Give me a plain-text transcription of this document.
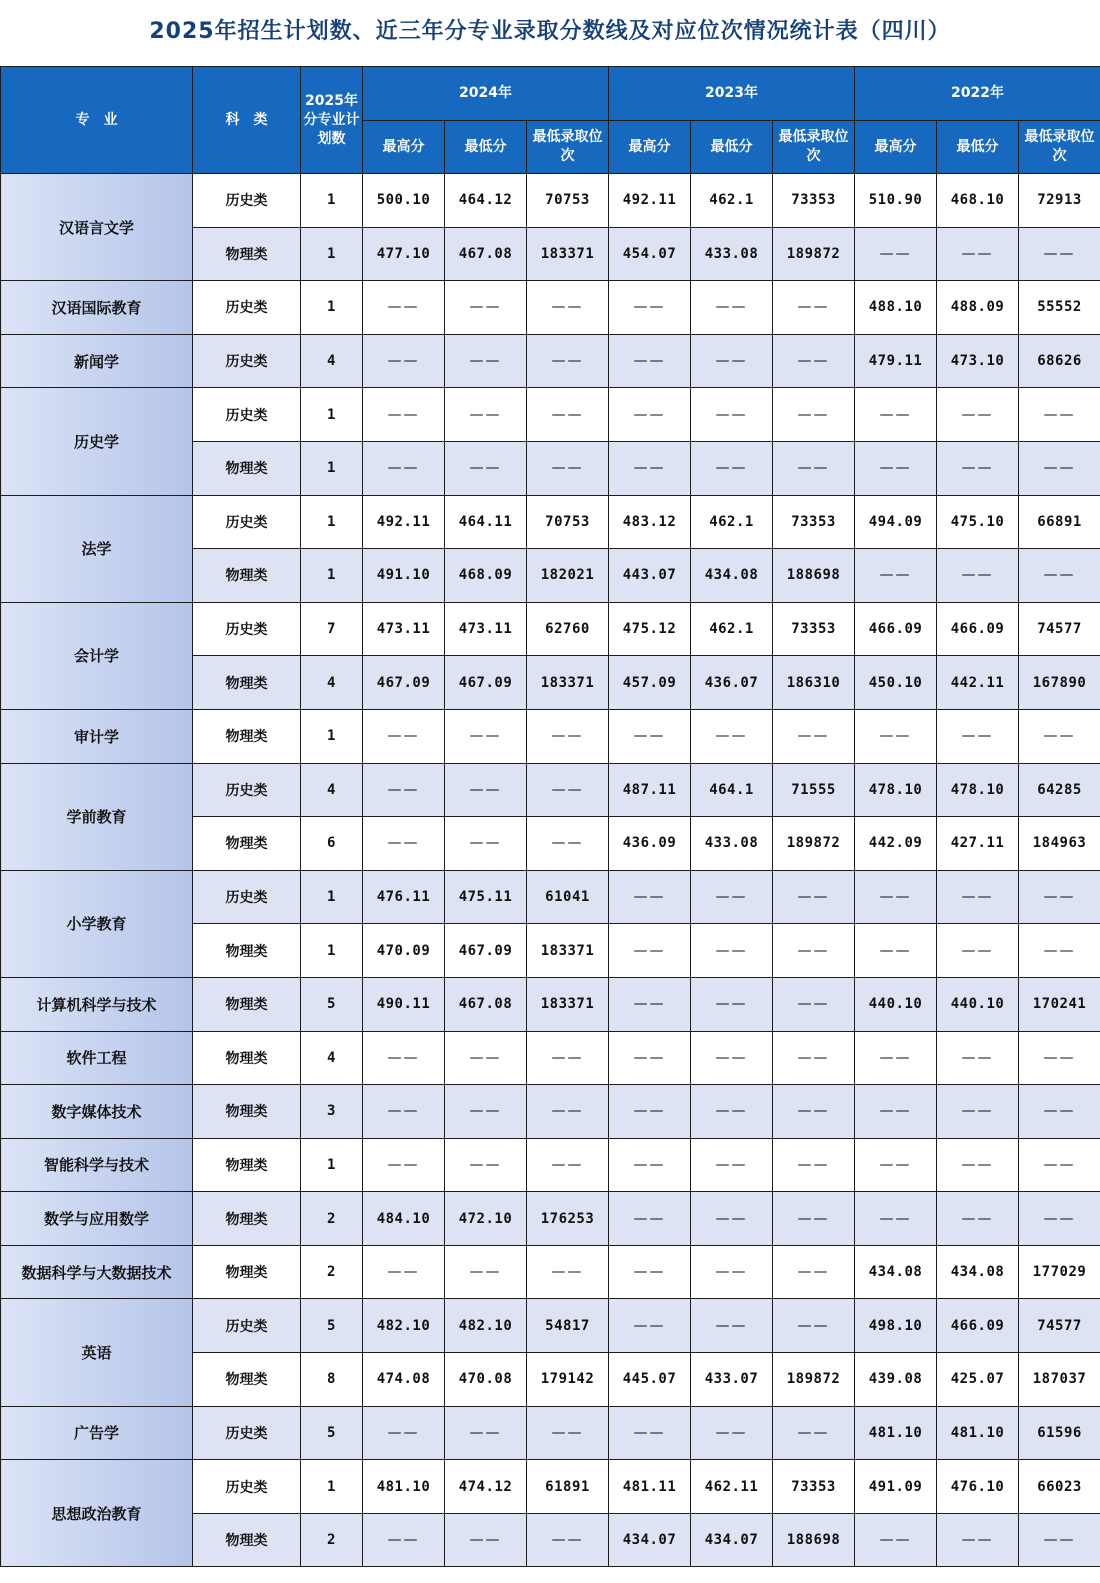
2025年招生计划数、近三年分专业录取分数线及对应位次情况统计表（四川）
专　业	科　类	2025年分专业计划数	2024年			2023年			2022年		
			最高分	最低分	最低录取位次	最高分	最低分	最低录取位次	最高分	最低分	最低录取位次
汉语言文学	历史类	1	500.10	464.12	70753	492.11	462.1	73353	510.90	468.10	72913
	物理类	1	477.10	467.08	183371	454.07	433.08	189872	——	——	——
汉语国际教育	历史类	1	——	——	——	——	——	——	488.10	488.09	55552
新闻学	历史类	4	——	——	——	——	——	——	479.11	473.10	68626
历史学	历史类	1	——	——	——	——	——	——	——	——	——
	物理类	1	——	——	——	——	——	——	——	——	——
法学	历史类	1	492.11	464.11	70753	483.12	462.1	73353	494.09	475.10	66891
	物理类	1	491.10	468.09	182021	443.07	434.08	188698	——	——	——
会计学	历史类	7	473.11	473.11	62760	475.12	462.1	73353	466.09	466.09	74577
	物理类	4	467.09	467.09	183371	457.09	436.07	186310	450.10	442.11	167890
审计学	物理类	1	——	——	——	——	——	——	——	——	——
学前教育	历史类	4	——	——	——	487.11	464.1	71555	478.10	478.10	64285
	物理类	6	——	——	——	436.09	433.08	189872	442.09	427.11	184963
小学教育	历史类	1	476.11	475.11	61041	——	——	——	——	——	——
	物理类	1	470.09	467.09	183371	——	——	——	——	——	——
计算机科学与技术	物理类	5	490.11	467.08	183371	——	——	——	440.10	440.10	170241
软件工程	物理类	4	——	——	——	——	——	——	——	——	——
数字媒体技术	物理类	3	——	——	——	——	——	——	——	——	——
智能科学与技术	物理类	1	——	——	——	——	——	——	——	——	——
数学与应用数学	物理类	2	484.10	472.10	176253	——	——	——	——	——	——
数据科学与大数据技术	物理类	2	——	——	——	——	——	——	434.08	434.08	177029
英语	历史类	5	482.10	482.10	54817	——	——	——	498.10	466.09	74577
	物理类	8	474.08	470.08	179142	445.07	433.07	189872	439.08	425.07	187037
广告学	历史类	5	——	——	——	——	——	——	481.10	481.10	61596
思想政治教育	历史类	1	481.10	474.12	61891	481.11	462.11	73353	491.09	476.10	66023
	物理类	2	——	——	——	434.07	434.07	188698	——	——	——
